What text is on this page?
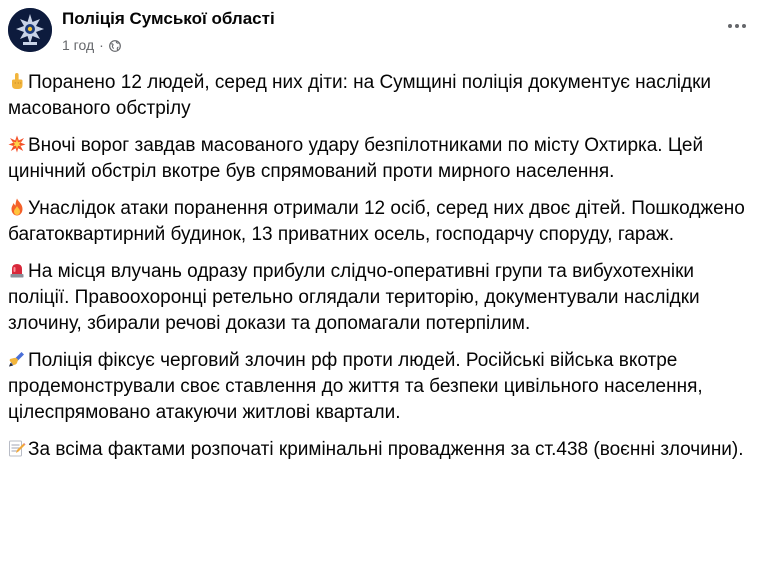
Поліція Сумської області
1 год ·

Поранено 12 людей, серед них діти: на Сумщині поліція документує наслідки масованого обстрілу

Вночі ворог завдав масованого удару безпілотниками по місту Охтирка. Цей цинічний обстріл вкотре був спрямований проти мирного населення.

Унаслідок атаки поранення отримали 12 осіб, серед них двоє дітей. Пошкоджено багатоквартирний будинок, 13 приватних осель, господарчу споруду, гараж.

На місця влучань одразу прибули слідчо-оперативні групи та вибухотехніки поліції. Правоохоронці ретельно оглядали територію, документували наслідки злочину, збирали речові докази та допомагали потерпілим.

Поліція фіксує черговий злочин рф проти людей. Російські війська вкотре продемонстрували своє ставлення до життя та безпеки цивільного населення, цілеспрямовано атакуючи житлові квартали.

За всіма фактами розпочаті кримінальні провадження за ст.438 (воєнні злочини).
